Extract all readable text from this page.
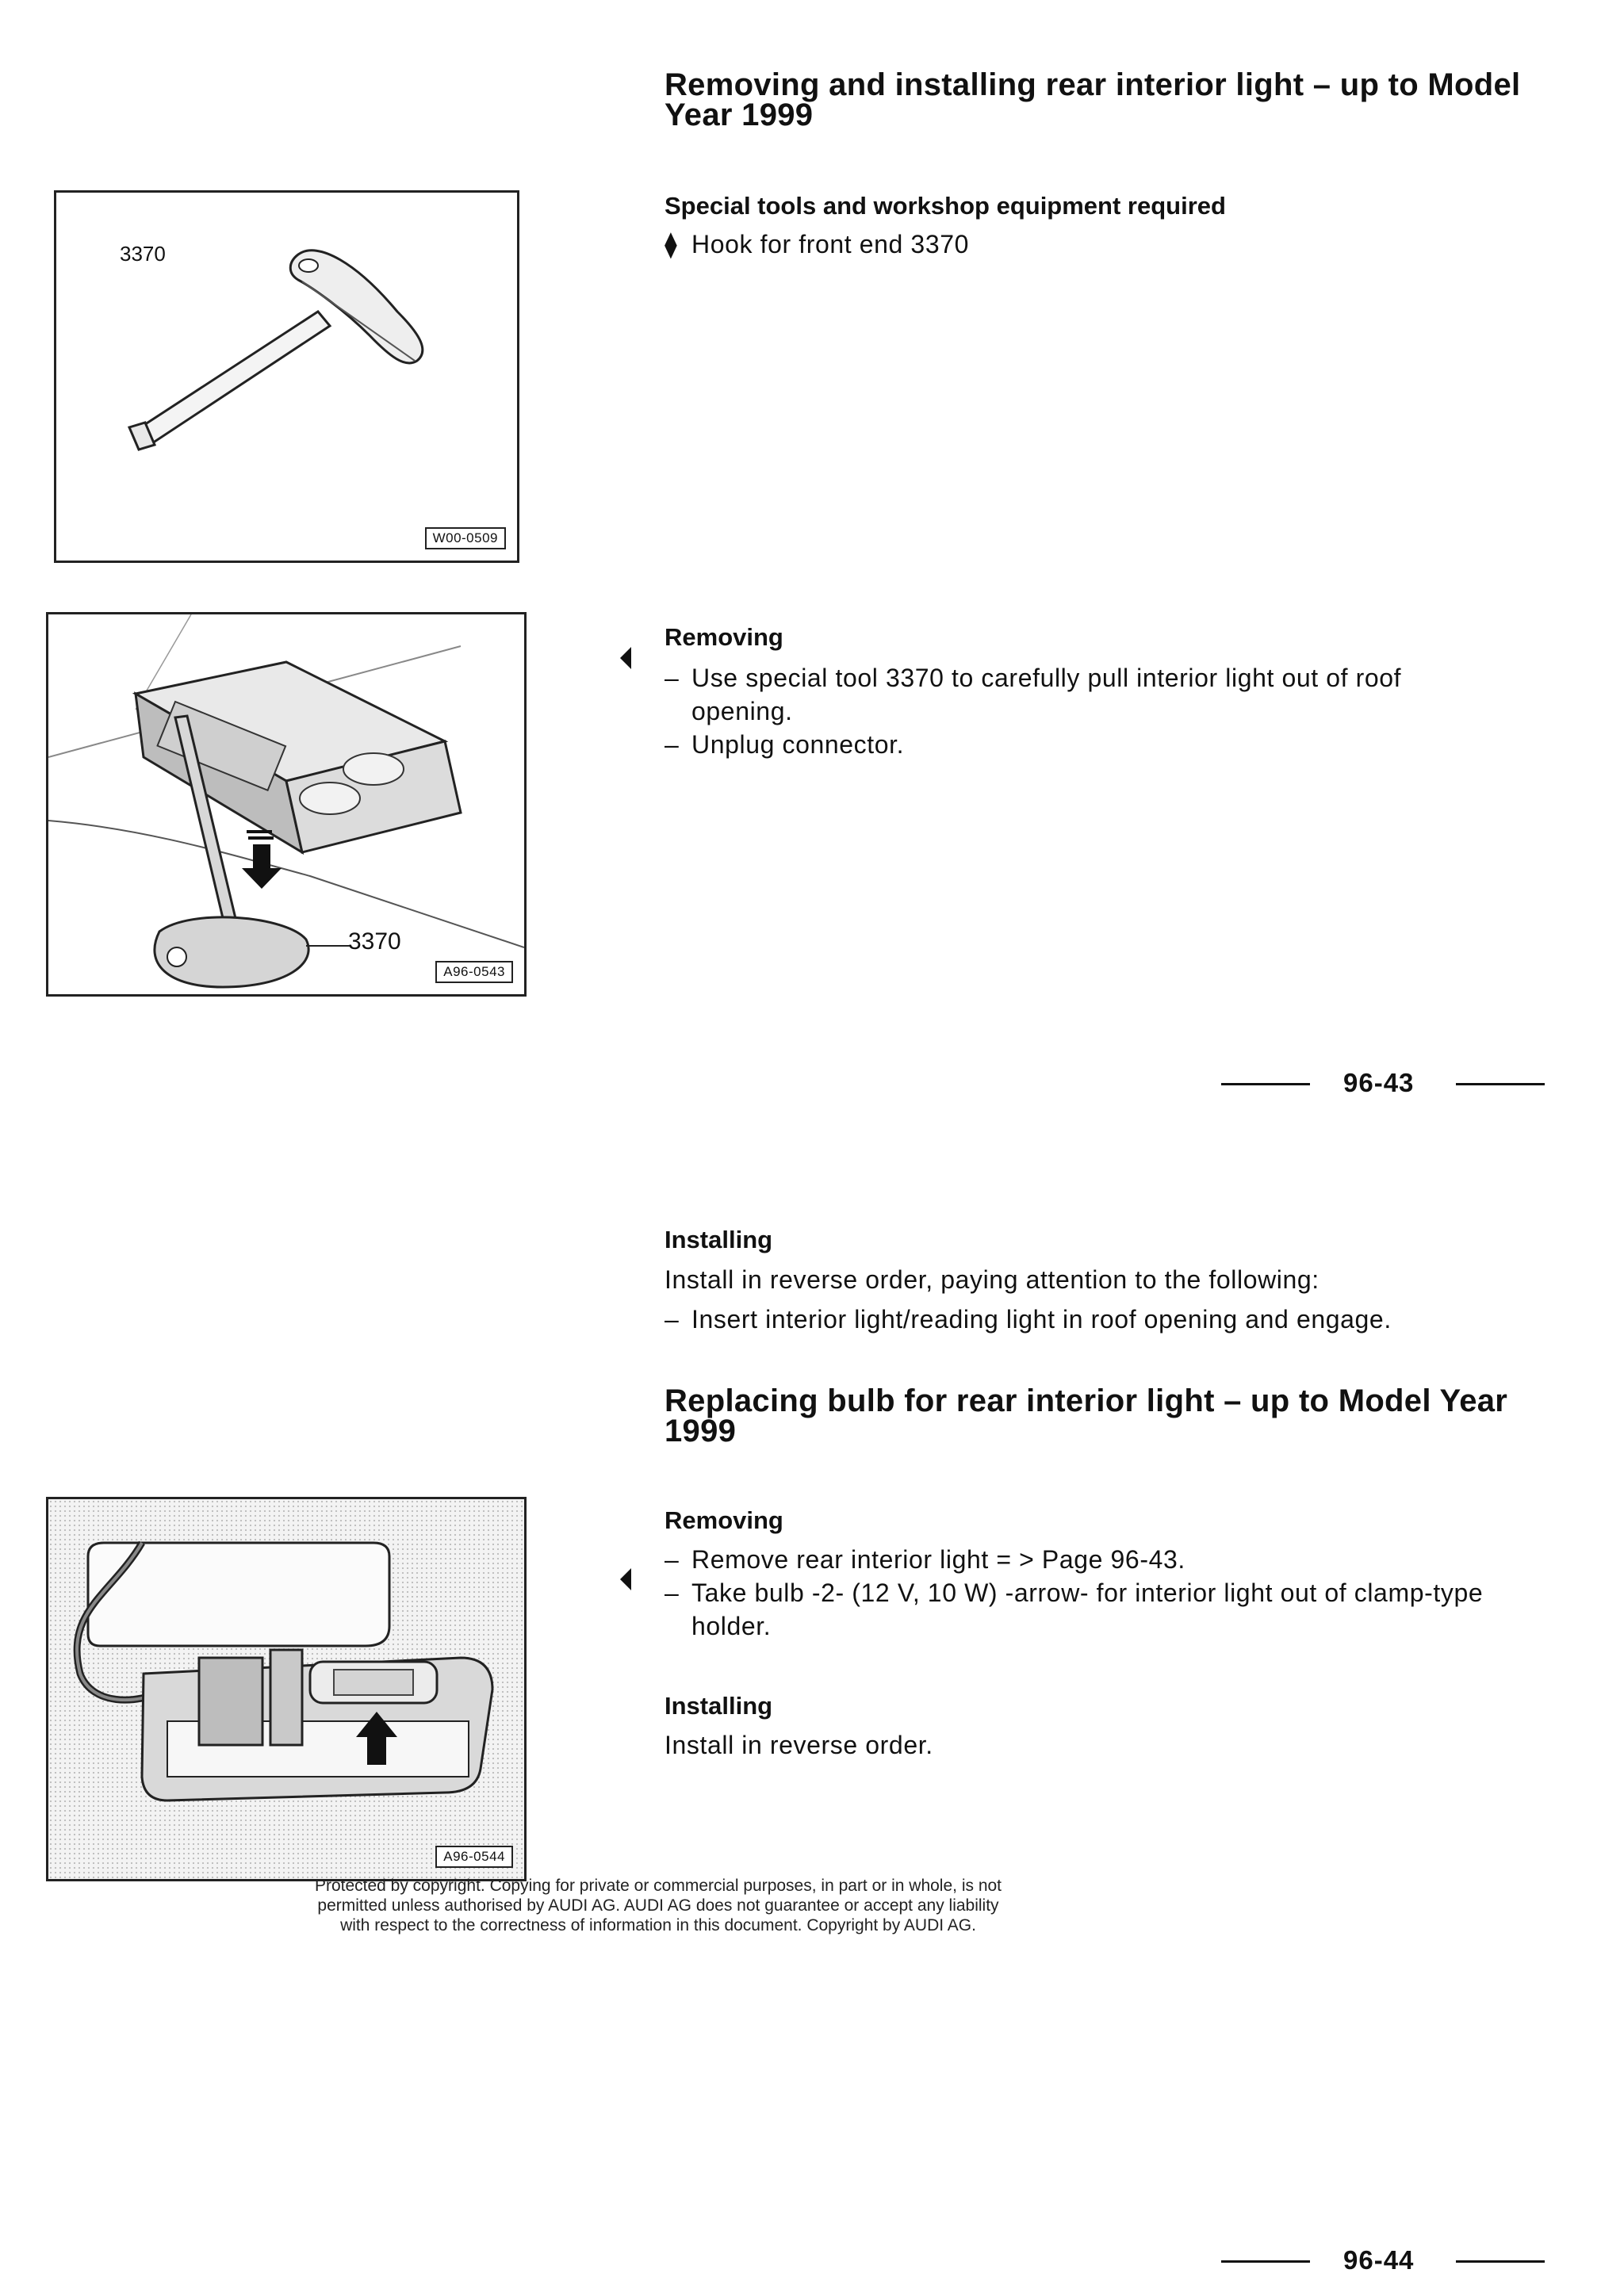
Removing and installing rear interior light – up to Model Year 1999
3370
W00-0509
Special tools and workshop equipment required
⧫ Hook for front end 3370
3370
A96-0543
Removing
– Use special tool 3370 to carefully pull interior light out of roof opening.
– Unplug connector.
96-43
Installing
Install in reverse order, paying attention to the following:
– Insert interior light/reading light in roof opening and engage.
Replacing bulb for rear interior light – up to Model Year 1999
A96-0544
Removing
– Remove rear interior light = > Page 96-43.
– Take bulb -2- (12 V, 10 W) -arrow- for interior light out of clamp-type holder.
Installing
Install in reverse order.
Protected by copyright. Copying for private or commercial purposes, in part or in whole, is not
permitted unless authorised by AUDI AG. AUDI AG does not guarantee or accept any liability
with respect to the correctness of information in this document. Copyright by AUDI AG.
96-44
